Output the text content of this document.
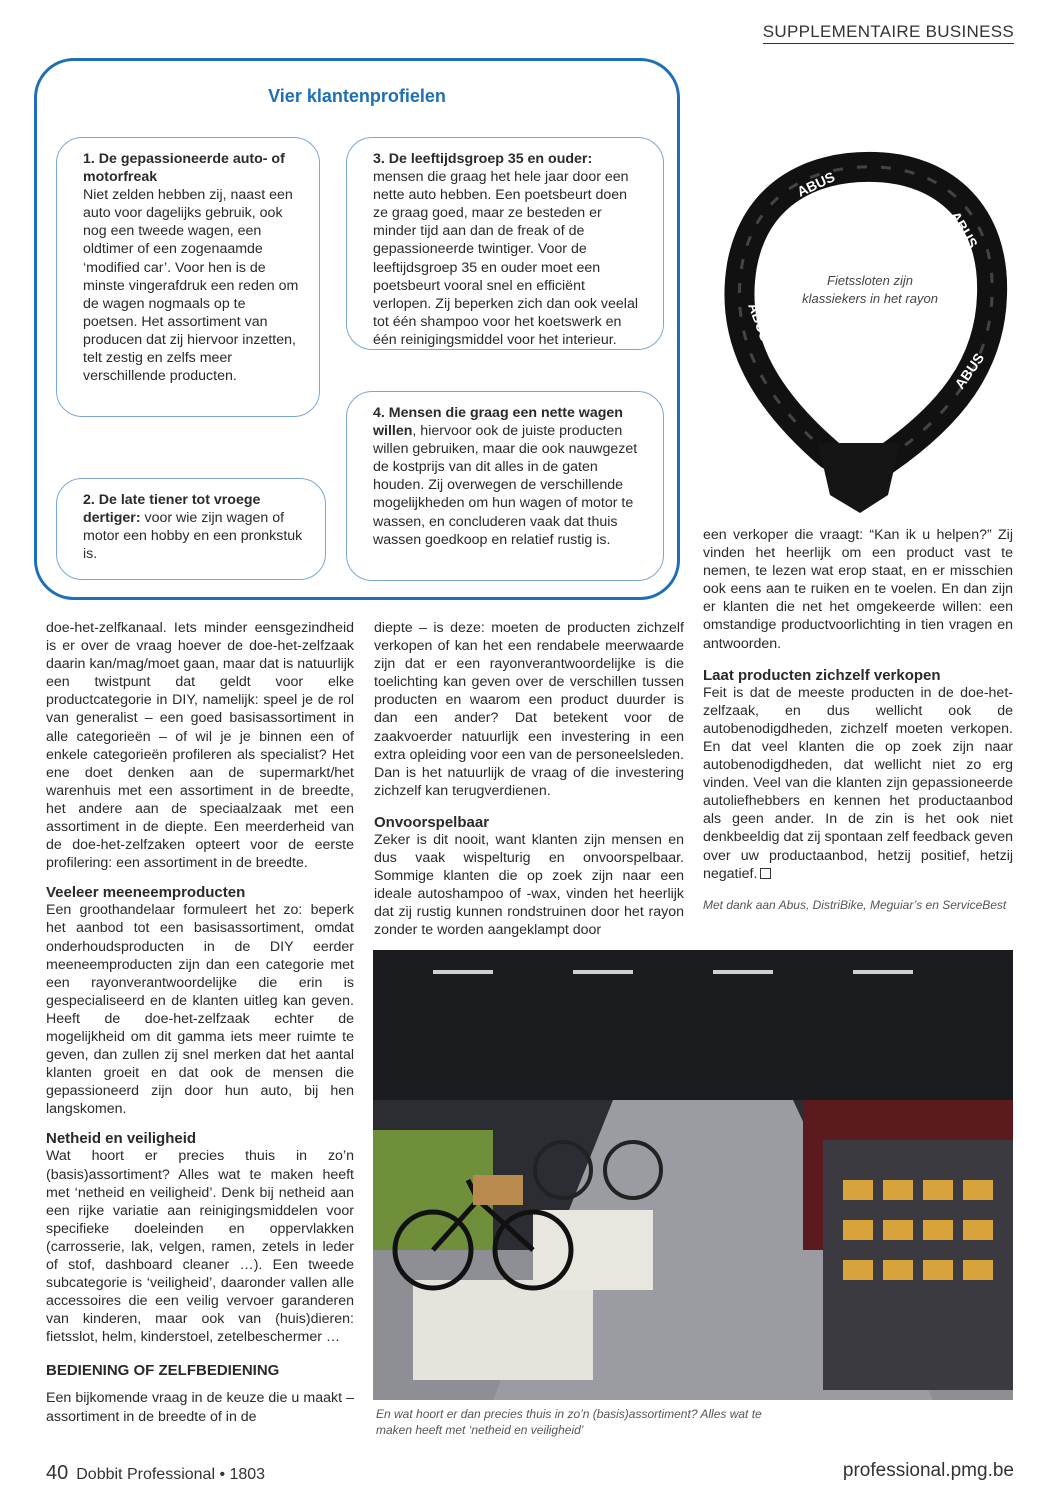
SUPPLEMENTAIRE BUSINESS
Vier klantenprofielen
1. De gepassioneerde auto- of motorfreak
Niet zelden hebben zij, naast een auto voor dagelijks gebruik, ook nog een tweede wagen, een oldtimer of een zogenaamde ‘modified car’. Voor hen is de minste vingerafdruk een reden om de wagen nogmaals op te poetsen. Het assortiment van producen dat zij hiervoor inzetten, telt zestig en zelfs meer verschillende producten.
2. De late tiener tot vroege dertiger: voor wie zijn wagen of motor een hobby en een pronkstuk is.
3. De leeftijdsgroep 35 en ouder: mensen die graag het hele jaar door een nette auto hebben. Een poetsbeurt doen ze graag goed, maar ze besteden er minder tijd aan dan de freak of de gepassioneerde twintiger. Voor de leeftijdsgroep 35 en ouder moet een poetsbeurt vooral snel en efficiënt verlopen. Zij beperken zich dan ook veelal tot één shampoo voor het koetswerk en één reinigingsmiddel voor het interieur.
4. Mensen die graag een nette wagen willen, hiervoor ook de juiste producten willen gebruiken, maar die ook nauwgezet de kostprijs van dit alles in de gaten houden. Zij overwegen de verschillende mogelijkheden om hun wagen of motor te wassen, en concluderen vaak dat thuis wassen goedkoop en relatief rustig is.
ABUS
ABUS
ABUS
ABUS
Fietssloten zijn klassiekers in het rayon

doe-het-zelfkanaal. Iets minder eensgezindheid is er over de vraag hoever de doe-het-zelfzaak daarin kan/mag/moet gaan, maar dat is natuurlijk een twistpunt dat geldt voor elke productcategorie in DIY, namelijk: speel je de rol van generalist – een goed basisassortiment in alle categorieën – of wil je je binnen een of enkele categorieën profileren als specialist? Het ene doet denken aan de supermarkt/het warenhuis met een assortiment in de breedte, het andere aan de speciaalzaak met een assortiment in de diepte. Een meerderheid van de doe-het-zelfzaken opteert voor de eerste profilering: een assortiment in de breedte.

Veeleer meeneemproducten

Een groothandelaar formuleert het zo: beperk het aanbod tot een basisassortiment, omdat onderhoudsproducten in de DIY eerder meeneemproducten zijn dan een categorie met een rayonverantwoordelijke die erin is gespecialiseerd en de klanten uitleg kan geven. Heeft de doe-het-zelfzaak echter de mogelijkheid om dit gamma iets meer ruimte te geven, dan zullen zij snel merken dat het aantal klanten groeit en dat ook de mensen die gepassioneerd zijn door hun auto, bij hen langskomen.

Netheid en veiligheid

Wat hoort er precies thuis in zo’n (basis)assortiment? Alles wat te maken heeft met ‘netheid en veiligheid’. Denk bij netheid aan een rijke variatie aan reinigingsmiddelen voor specifieke doeleinden en oppervlakken (carrosserie, lak, velgen, ramen, zetels in leder of stof, dashboard cleaner …). Een tweede subcategorie is ‘veiligheid’, daaronder vallen alle accessoires die een veilig vervoer garanderen van kinderen, maar ook van (huis)dieren: fietsslot, helm, kinderstoel, zetelbeschermer …

BEDIENING OF ZELFBEDIENING

Een bijkomende vraag in de keuze die u maakt – assortiment in de breedte of in de

diepte – is deze: moeten de producten zichzelf verkopen of kan het een rendabele meerwaarde zijn dat er een rayonverantwoordelijke is die toelichting kan geven over de verschillen tussen producten en waarom een product duurder is dan een ander? Dat betekent voor de zaakvoerder natuurlijk een investering in een extra opleiding voor een van de personeelsleden. Dan is het natuurlijk de vraag of die investering zichzelf kan terugverdienen.

Onvoorspelbaar

Zeker is dit nooit, want klanten zijn mensen en dus vaak wispelturig en onvoorspelbaar. Sommige klanten die op zoek zijn naar een ideale autoshampoo of -wax, vinden het heerlijk dat zij rustig kunnen rondstruinen door het rayon zonder te worden aangeklampt door

een verkoper die vraagt: “Kan ik u helpen?” Zij vinden het heerlijk om een product vast te nemen, te lezen wat erop staat, en er misschien ook eens aan te ruiken en te voelen. En dan zijn er klanten die net het omgekeerde willen: een omstandige productvoorlichting in tien vragen en antwoorden.

Laat producten zichzelf verkopen

Feit is dat de meeste producten in de doe-het-zelfzaak, en dus wellicht ook de autobenodigdheden, zichzelf moeten verkopen. En dat veel klanten die op zoek zijn naar autobenodigdheden, dat wellicht niet zo erg vinden. Veel van die klanten zijn gepassioneerde autoliefhebbers en kennen het productaanbod als geen ander. In de zin is het ook niet denkbeeldig dat zij spontaan zelf feedback geven over uw productaanbod, hetzij positief, hetzij negatief.

Met dank aan Abus, DistriBike, Meguiar’s en ServiceBest
En wat hoort er dan precies thuis in zo’n (basis)assortiment? Alles wat te maken heeft met ‘netheid en veiligheid’
40 Dobbit Professional • 1803	professional.pmg.be
